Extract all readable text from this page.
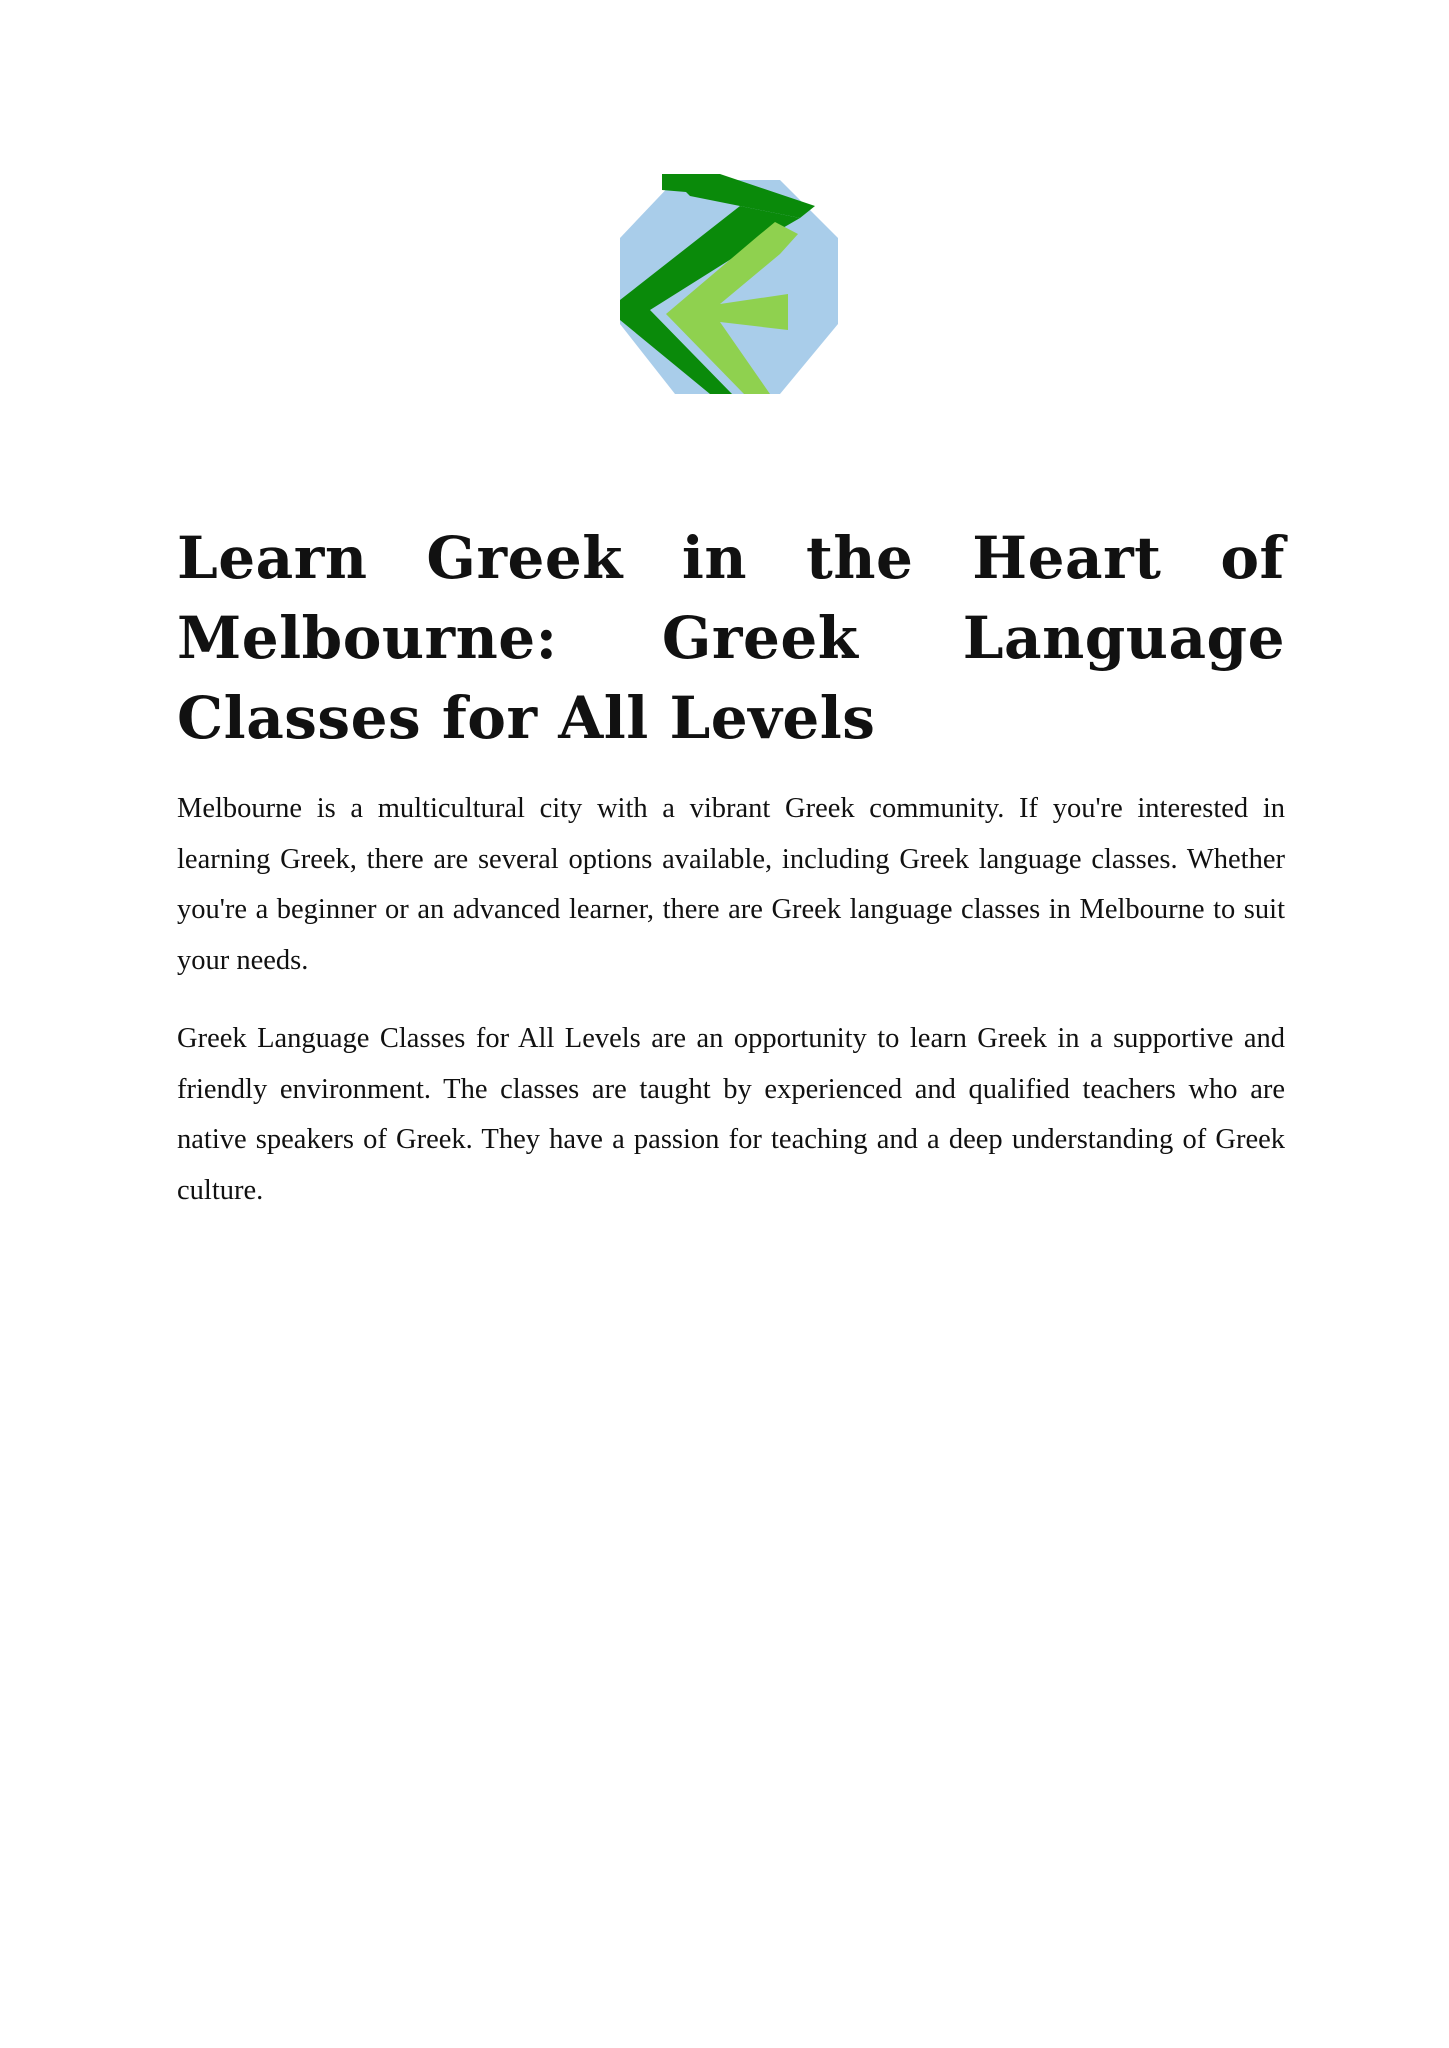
Learn Greek in the Heart of Melbourne: Greek Language Classes for All Levels

Melbourne is a multicultural city with a vibrant Greek community. If you're interested in learning Greek, there are several options available, including Greek language classes. Whether you're a beginner or an advanced learner, there are Greek language classes in Melbourne to suit your needs.

Greek Language Classes for All Levels are an opportunity to learn Greek in a supportive and friendly environment. The classes are taught by experienced and qualified teachers who are native speakers of Greek. They have a passion for teaching and a deep understanding of Greek culture.
